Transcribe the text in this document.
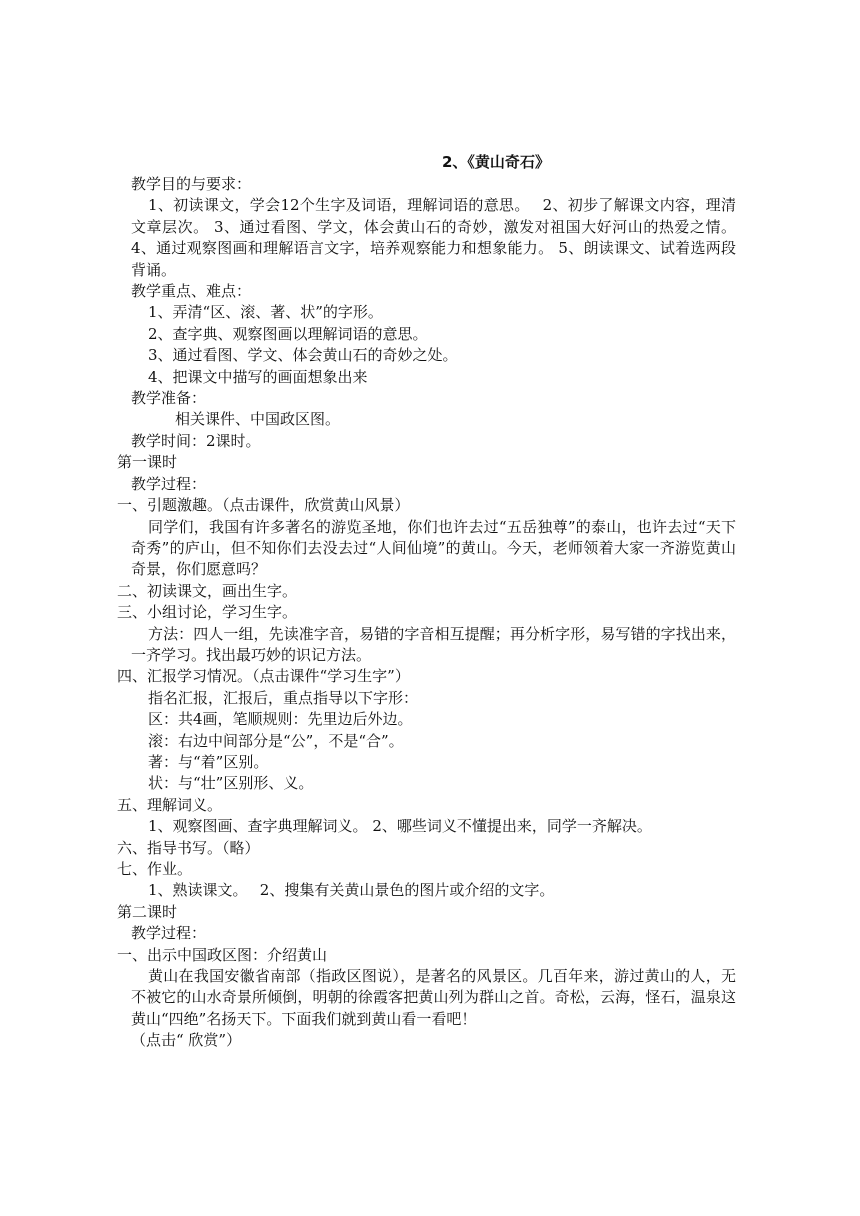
2、《黄山奇石》
教学目的与要求：
1、初读课文，学会12个生字及词语，理解词语的意思。　 2、初步了解课文内容，理清文章层次。 3、通过看图、学文，体会黄山石的奇妙，激发对祖国大好河山的热爱之情。 4、通过观察图画和理解语言文字，培养观察能力和想象能力。 5、朗读课文、试着选两段背诵。
教学重点、难点：
1、弄清“区、滚、著、状”的字形。
2、查字典、观察图画以理解词语的意思。
3、通过看图、学文、体会黄山石的奇妙之处。
4、把课文中描写的画面想象出来
教学准备：
相关课件、中国政区图。
教学时间：2课时。
第一课时
教学过程：
一、引题激趣。（点击课件，欣赏黄山风景）
同学们，我国有许多著名的游览圣地，你们也许去过“五岳独尊”的泰山，也许去过“天下奇秀”的庐山，但不知你们去没去过“人间仙境”的黄山。今天，老师领着大家一齐游览黄山奇景，你们愿意吗？
二、初读课文，画出生字。
三、小组讨论，学习生字。
方法：四人一组，先读准字音，易错的字音相互提醒；再分析字形，易写错的字找出来，一齐学习。找出最巧妙的识记方法。
四、汇报学习情况。（点击课件“学习生字”）
指名汇报，汇报后，重点指导以下字形：
区：共4画，笔顺规则：先里边后外边。
滚：右边中间部分是“公”，不是“合”。
著：与“着”区别。
状：与“壮”区别形、义。
五、理解词义。
1、观察图画、查字典理解词义。 2、哪些词义不懂提出来，同学一齐解决。
六、指导书写。（略）
七、作业。
1、熟读课文。　 2、搜集有关黄山景色的图片或介绍的文字。
第二课时
教学过程：
一、出示中国政区图：介绍黄山
黄山在我国安徽省南部（指政区图说），是著名的风景区。几百年来，游过黄山的人，无不被它的山水奇景所倾倒，明朝的徐霞客把黄山列为群山之首。奇松，云海，怪石，温泉这黄山“四绝”名扬天下。下面我们就到黄山看一看吧！
（点击“ 欣赏”）
